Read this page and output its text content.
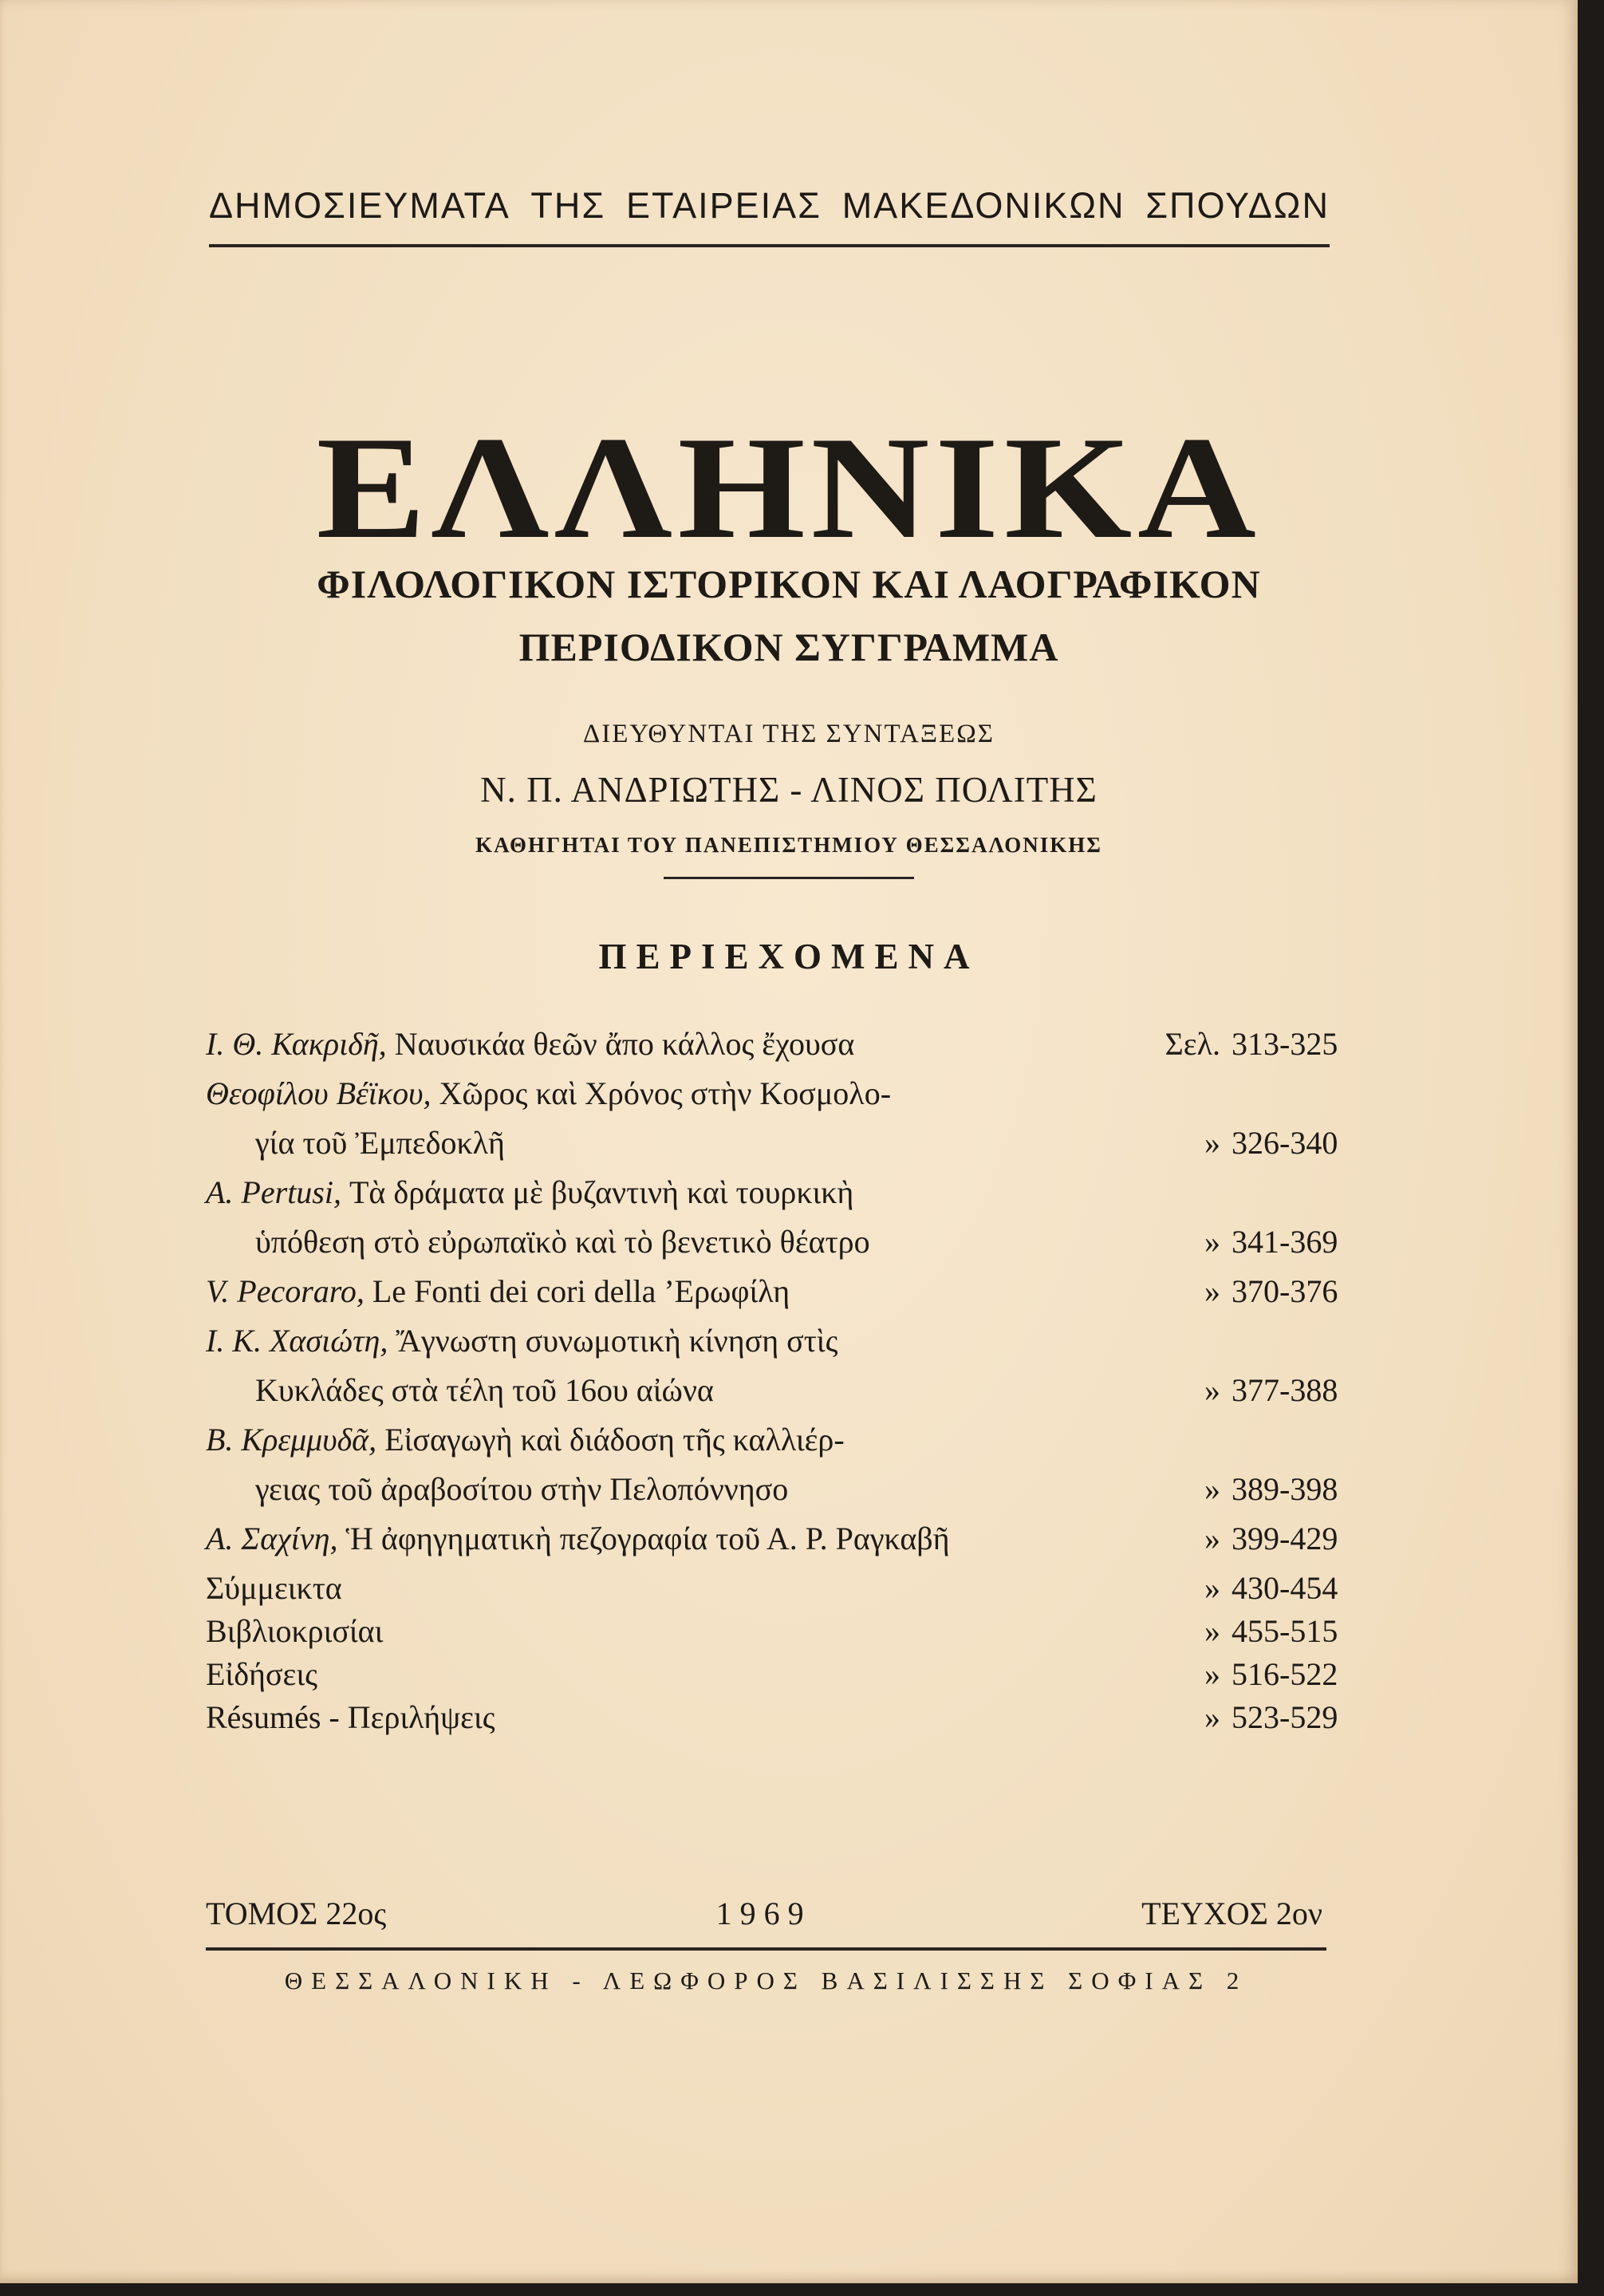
ΔΗΜΟΣΙΕΥΜΑΤΑ ΤΗΣ ΕΤΑΙΡΕΙΑΣ ΜΑΚΕΔΟΝΙΚΩΝ ΣΠΟΥΔΩΝ
ΕΛΛΗΝΙΚΑ
ΦΙΛΟΛΟΓΙΚΟΝ ΙΣΤΟΡΙΚΟΝ ΚΑΙ ΛΑΟΓΡΑΦΙΚΟΝ
ΠΕΡΙΟΔΙΚΟΝ ΣΥΓΓΡΑΜΜΑ
ΔΙΕΥΘΥΝΤΑΙ ΤΗΣ ΣΥΝΤΑΞΕΩΣ
Ν. Π. ΑΝΔΡΙΩΤΗΣ - ΛΙΝΟΣ ΠΟΛΙΤΗΣ
ΚΑΘΗΓΗΤΑΙ ΤΟΥ ΠΑΝΕΠΙΣΤΗΜΙΟΥ ΘΕΣΣΑΛΟΝΙΚΗΣ
ΠΕΡΙΕΧΟΜΕΝΑ
Ι. Θ. Κακριδῆ, Ναυσικάα θεῶν ἄπο κάλλος ἔχουσα	Σελ. 313-325
Θεοφίλου Βέϊκου, Χῶρος καὶ Χρόνος στὴν Κοσμολο-
γία τοῦ Ἐμπεδοκλῆ	» 326-340
A. Pertusi, Τὰ δράματα μὲ βυζαντινὴ καὶ τουρκικὴ
ὑπόθεση στὸ εὐρωπαϊκὸ καὶ τὸ βενετικὸ θέατρο	» 341-369
V. Pecoraro, Le Fonti dei cori della ’Ερωφίλη	» 370-376
Ι. Κ. Χασιώτη, Ἄγνωστη συνωμοτικὴ κίνηση στὶς
Κυκλάδες στὰ τέλη τοῦ 16ου αἰώνα	» 377-388
Β. Κρεμμυδᾶ, Εἰσαγωγὴ καὶ διάδοση τῆς καλλιέρ-
γειας τοῦ ἀραβοσίτου στὴν Πελοπόννησο	» 389-398
Α. Σαχίνη, Ἡ ἀφηγηματικὴ πεζογραφία τοῦ Α. Ρ. Ραγκαβῆ	» 399-429
Σύμμεικτα	» 430-454
Βιβλιοκρισίαι	» 455-515
Εἰδήσεις	» 516-522
Résumés - Περιλήψεις	» 523-529
ΤΟΜΟΣ 22ος	1969	ΤΕΥΧΟΣ 2ον
ΘΕΣΣΑΛΟΝΙΚΗ - ΛΕΩΦΟΡΟΣ ΒΑΣΙΛΙΣΣΗΣ ΣΟΦΙΑΣ 2
